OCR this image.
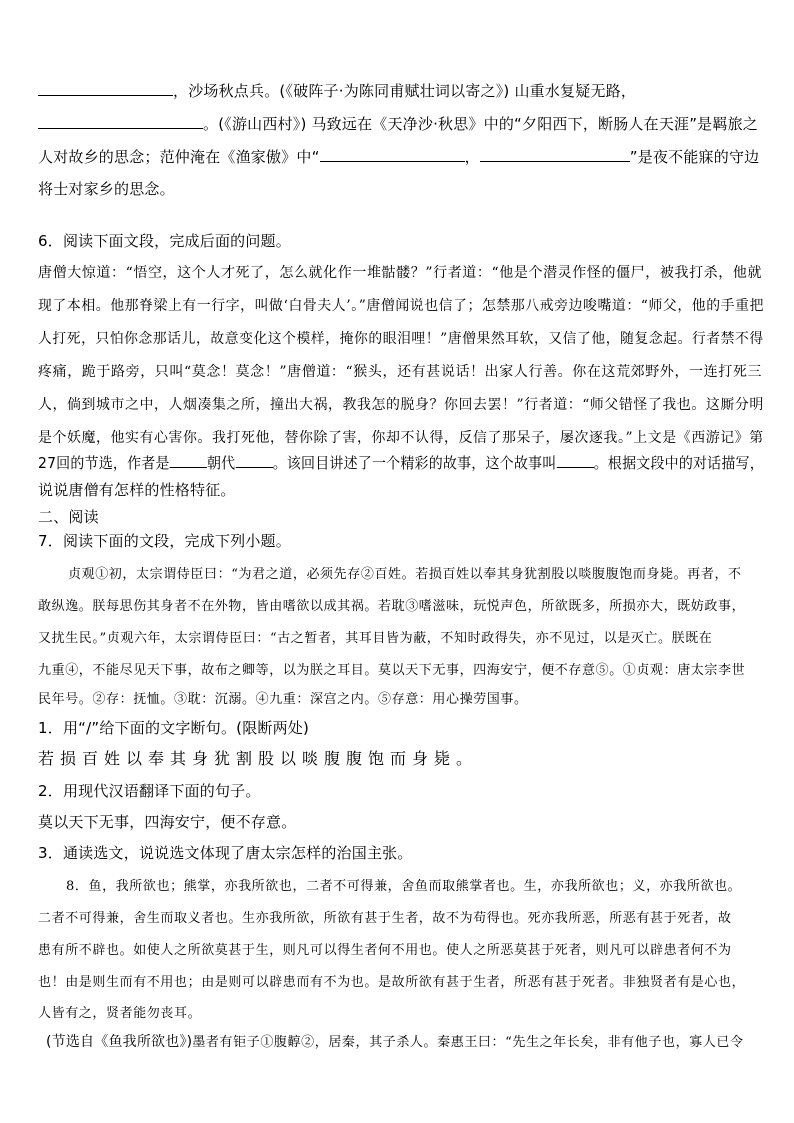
，沙场秋点兵。(《破阵子·为陈同甫赋壮词以寄之》) 山重水复疑无路，
。(《游山西村》) 马致远在《天净沙·秋思》中的“夕阳西下，断肠人在天涯”是羁旅之
人对故乡的思念；范仲淹在《渔家傲》中“	，	”是夜不能寐的守边
将士对家乡的思念。
6．阅读下面文段，完成后面的问题。
唐僧大惊道：“悟空，这个人才死了，怎么就化作一堆骷髅？”行者道：“他是个潜灵作怪的僵尸，被我打杀，他就
现了本相。他那脊梁上有一行字，叫做‘白骨夫人’。”唐僧闻说也信了；怎禁那八戒旁边唆嘴道：“师父，他的手重把
人打死，只怕你念那话儿，故意变化这个模样，掩你的眼泪哩！”唐僧果然耳软，又信了他，随复念起。行者禁不得
疼痛，跪于路旁，只叫“莫念！莫念！”唐僧道：“猴头，还有甚说话！出家人行善。你在这荒郊野外，一连打死三
人，倘到城市之中，人烟凑集之所，撞出大祸，教我怎的脱身？你回去罢！”行者道：“师父错怪了我也。这厮分明
是个妖魔，他实有心害你。我打死他，替你除了害，你却不认得，反信了那呆子，屡次逐我。”上文是《西游记》第
27回的节选，作者是 朝代 。该回目讲述了一个精彩的故事，这个故事叫 。根据文段中的对话描写，
说说唐僧有怎样的性格特征。
二、阅读
7．阅读下面的文段，完成下列小题。
贞观①初，太宗谓侍臣曰：“为君之道，必须先存②百姓。若损百姓以奉其身犹割股以啖腹腹饱而身毙。再者，不
敢纵逸。朕每思伤其身者不在外物，皆由嗜欲以成其祸。若耽③嗜滋味，玩悦声色，所欲既多，所损亦大，既妨政事，
又扰生民。”贞观六年，太宗谓侍臣曰：“古之暂者，其耳目皆为蔽，不知时政得失，亦不见过，以是灭亡。朕既在
九重④，不能尽见天下事，故布之卿等，以为朕之耳目。莫以天下无事，四海安宁，便不存意⑤。①贞观：唐太宗李世
民年号。②存：抚恤。③耽：沉溺。④九重：深宫之内。⑤存意：用心操劳国事。
1．用“/”给下面的文字断句。(限断两处)
若损百姓以奉其身犹割股以啖腹腹饱而身毙。
2．用现代汉语翻译下面的句子。
莫以天下无事，四海安宁，便不存意。
3．通读选文，说说选文体现了唐太宗怎样的治国主张。
8．鱼，我所欲也；熊掌，亦我所欲也，二者不可得兼，舍鱼而取熊掌者也。生，亦我所欲也；义，亦我所欲也。
二者不可得兼，舍生而取义者也。生亦我所欲，所欲有甚于生者，故不为苟得也。死亦我所恶，所恶有甚于死者，故
患有所不辟也。如使人之所欲莫甚于生，则凡可以得生者何不用也。使人之所恶莫甚于死者，则凡可以辟患者何不为
也！由是则生而有不用也；由是则可以辟患而有不为也。是故所欲有甚于生者，所恶有甚于死者。非独贤者有是心也，
人皆有之，贤者能勿丧耳。
(节选自《鱼我所欲也》)墨者有钜子①腹䵍②，居秦，其子杀人。秦惠王曰：“先生之年长矣，非有他子也，寡人已令
